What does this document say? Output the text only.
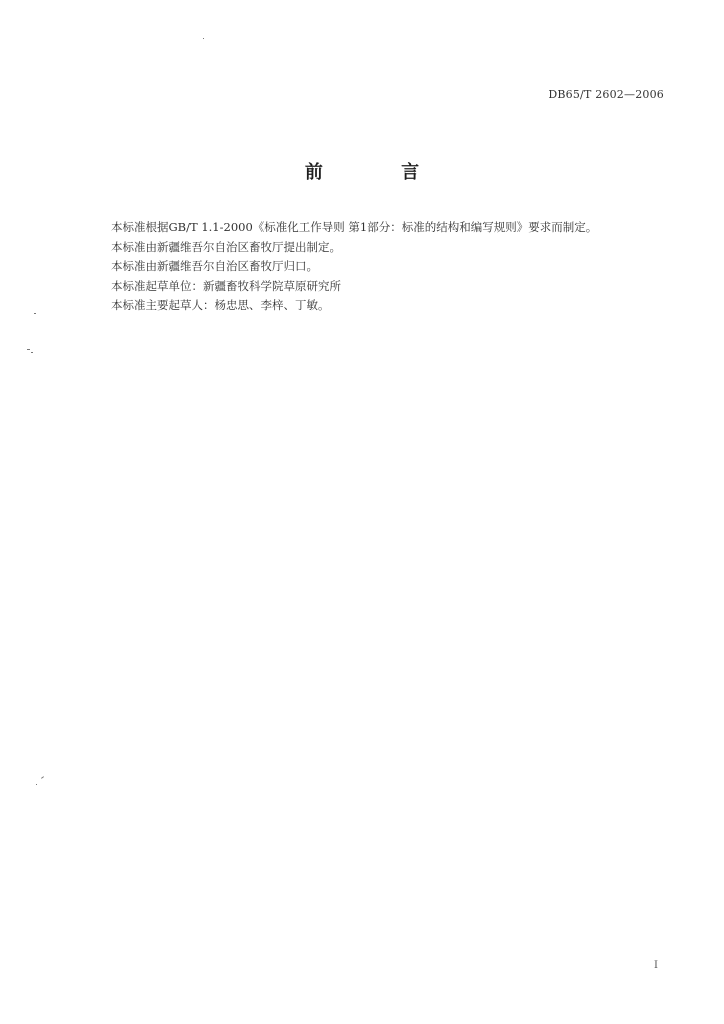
DB65/T 2602—2006
前 言
本标准根据GB/T 1.1-2000《标准化工作导则 第1部分：标准的结构和编写规则》要求而制定。
本标准由新疆维吾尔自治区畜牧厅提出制定。
本标准由新疆维吾尔自治区畜牧厅归口。
本标准起草单位：新疆畜牧科学院草原研究所
本标准主要起草人：杨忠思、李梓、丁敏。
I
